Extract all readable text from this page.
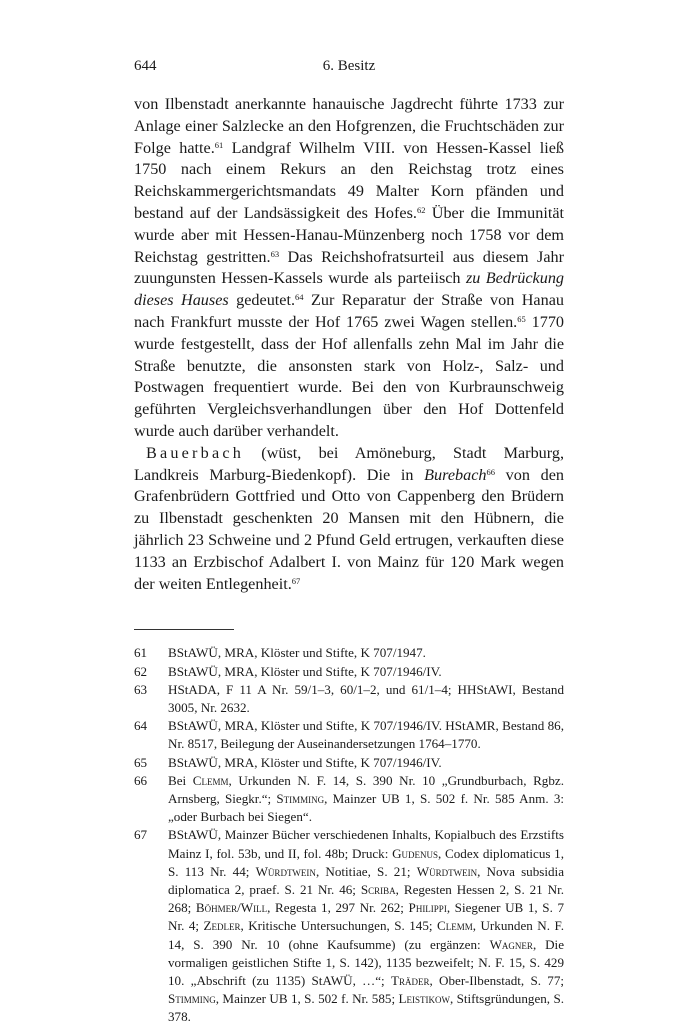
644	6. Besitz

von Ilbenstadt anerkannte hanauische Jagdrecht führte 1733 zur Anlage einer Salzlecke an den Hofgrenzen, die Fruchtschäden zur Folge hatte.$^{61}$ Landgraf Wilhelm VIII. von Hessen-Kassel ließ 1750 nach einem Rekurs an den Reichstag trotz eines Reichskammergerichtsmandats 49 Malter Korn pfänden und bestand auf der Landsässigkeit des Hofes.$^{62}$ Über die Immunität wurde aber mit Hessen-Hanau-Münzenberg noch 1758 vor dem Reichstag gestritten.$^{63}$ Das Reichshofratsurteil aus diesem Jahr zuungunsten Hessen-Kassels wurde als parteiisch zu Bedrückung dieses Hauses gedeutet.$^{64}$ Zur Reparatur der Straße von Hanau nach Frankfurt musste der Hof 1765 zwei Wagen stellen.$^{65}$ 1770 wurde festgestellt, dass der Hof allenfalls zehn Mal im Jahr die Straße benutzte, die ansonsten stark von Holz-, Salz- und Postwagen frequentiert wurde. Bei den von Kurbraunschweig geführten Vergleichsverhandlungen über den Hof Dottenfeld wurde auch darüber verhandelt.

Bauerbach (wüst, bei Amöneburg, Stadt Marburg, Landkreis Marburg-Biedenkopf). Die in Burebach$^{66}$ von den Grafenbrüdern Gottfried und Otto von Cappenberg den Brüdern zu Ilbenstadt geschenkten 20 Mansen mit den Hübnern, die jährlich 23 Schweine und 2 Pfund Geld ertrugen, verkauften diese 1133 an Erzbischof Adalbert I. von Mainz für 120 Mark wegen der weiten Entlegenheit.$^{67}$

61 BStAWÜ, MRA, Klöster und Stifte, K 707/1947.
62 BStAWÜ, MRA, Klöster und Stifte, K 707/1946/IV.
63 HStADA, F 11 A Nr. 59/1–3, 60/1–2, und 61/1–4; HHStAWI, Bestand 3005, Nr. 2632.
64 BStAWÜ, MRA, Klöster und Stifte, K 707/1946/IV. HStAMR, Bestand 86, Nr. 8517, Beilegung der Auseinandersetzungen 1764–1770.
65 BStAWÜ, MRA, Klöster und Stifte, K 707/1946/IV.
66 Bei Clemm, Urkunden N. F. 14, S. 390 Nr. 10 „Grundburbach, Rgbz. Arnsberg, Siegkr.“; Stimming, Mainzer UB 1, S. 502 f. Nr. 585 Anm. 3: „oder Burbach bei Siegen“.
67 BStAWÜ, Mainzer Bücher verschiedenen Inhalts, Kopialbuch des Erzstifts Mainz I, fol. 53b, und II, fol. 48b; Druck: Gudenus, Codex diplomaticus 1, S. 113 Nr. 44; Würdtwein, Notitiae, S. 21; Würdtwein, Nova subsidia diplomatica 2, praef. S. 21 Nr. 46; Scriba, Regesten Hessen 2, S. 21 Nr. 268; Böhmer/Will, Regesta 1, 297 Nr. 262; Philippi, Siegener UB 1, S. 7 Nr. 4; Zedler, Kritische Untersuchungen, S. 145; Clemm, Urkunden N. F. 14, S. 390 Nr. 10 (ohne Kaufsumme) (zu ergänzen: Wagner, Die vormaligen geistlichen Stifte 1, S. 142), 1135 bezweifelt; N. F. 15, S. 429 10. „Abschrift (zu 1135) StAWÜ, …“; Träder, Ober-Ilbenstadt, S. 77; Stimming, Mainzer UB 1, S. 502 f. Nr. 585; Leistikow, Stiftsgründungen, S. 378.
